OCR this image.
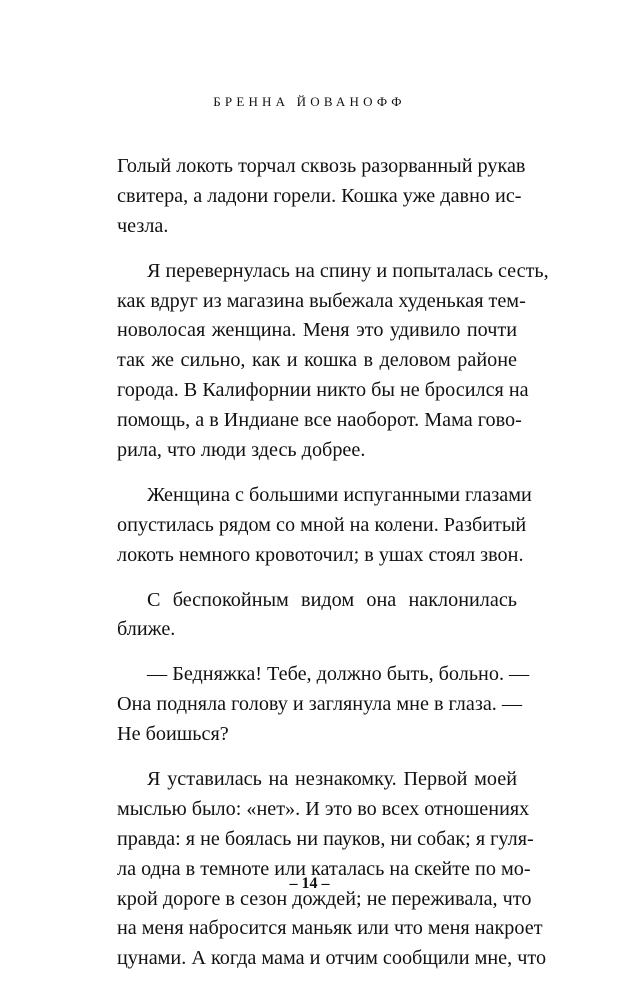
БРЕННА ЙОВАНОФФ
Голый локоть торчал сквозь разорванный рукав
свитера, а ладони горели. Кошка уже давно ис-
чезла.
Я перевернулась на спину и попыталась сесть,
как вдруг из магазина выбежала худенькая тем-
новолосая женщина. Меня это удивило почти
так же сильно, как и кошка в деловом районе
города. В Калифорнии никто бы не бросился на
помощь, а в Индиане все наоборот. Мама гово-
рила, что люди здесь добрее.
Женщина с большими испуганными глазами
опустилась рядом со мной на колени. Разбитый
локоть немного кровоточил; в ушах стоял звон.
С беспокойным видом она наклонилась
ближе.
— Бедняжка! Тебе, должно быть, больно. —
Она подняла голову и заглянула мне в глаза. —
Не боишься?
Я уставилась на незнакомку. Первой моей
мыслью было: «нет». И это во всех отношениях
правда: я не боялась ни пауков, ни собак; я гуля-
ла одна в темноте или каталась на скейте по мо-
крой дороге в сезон дождей; не переживала, что
на меня набросится маньяк или что меня накроет
цунами. А когда мама и отчим сообщили мне, что
– 14 –
